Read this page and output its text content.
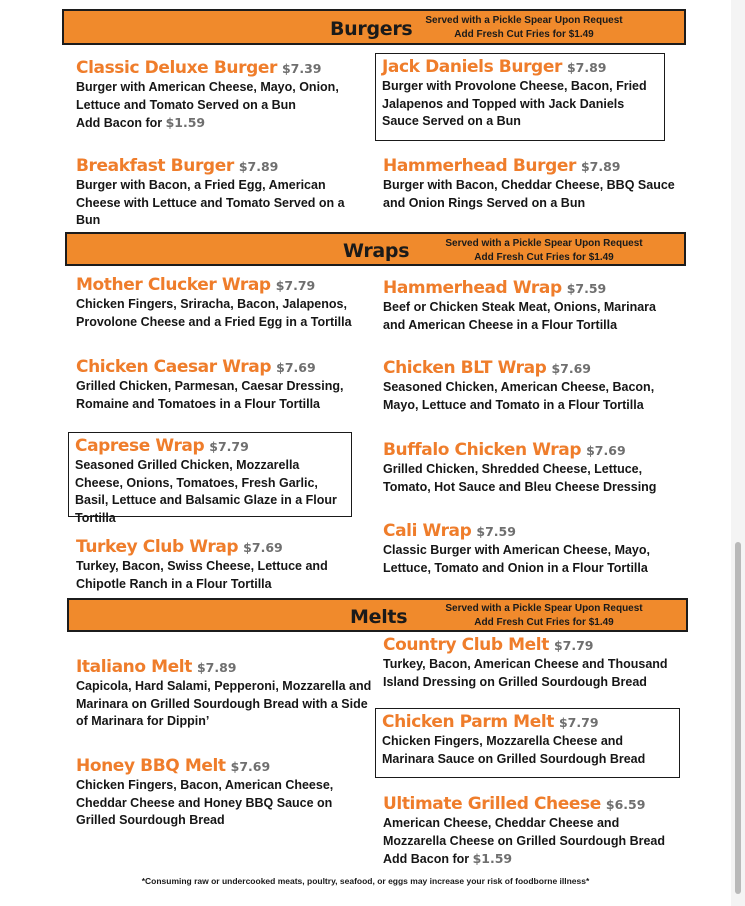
Burgers	Served with a Pickle Spear Upon Request
Add Fresh Cut Fries for $1.49
Classic Deluxe Burger $7.39
Burger with American Cheese, Mayo, Onion, Lettuce and Tomato Served on a Bun
Add Bacon for $1.59
Jack Daniels Burger $7.89
Burger with Provolone Cheese, Bacon, Fried Jalapenos and Topped with Jack Daniels Sauce Served on a Bun
Breakfast Burger $7.89
Burger with Bacon, a Fried Egg, American Cheese with Lettuce and Tomato Served on a Bun
Hammerhead Burger $7.89
Burger with Bacon, Cheddar Cheese, BBQ Sauce and Onion Rings Served on a Bun
Wraps	Served with a Pickle Spear Upon Request
Add Fresh Cut Fries for $1.49
Mother Clucker Wrap $7.79
Chicken Fingers, Sriracha, Bacon, Jalapenos, Provolone Cheese and a Fried Egg in a Tortilla
Hammerhead Wrap $7.59
Beef or Chicken Steak Meat, Onions, Marinara and American Cheese in a Flour Tortilla
Chicken Caesar Wrap $7.69
Grilled Chicken, Parmesan, Caesar Dressing, Romaine and Tomatoes in a Flour Tortilla
Chicken BLT Wrap $7.69
Seasoned Chicken, American Cheese, Bacon, Mayo, Lettuce and Tomato in a Flour Tortilla
Caprese Wrap $7.79
Seasoned Grilled Chicken, Mozzarella Cheese, Onions, Tomatoes, Fresh Garlic, Basil, Lettuce and Balsamic Glaze in a Flour Tortilla
Buffalo Chicken Wrap $7.69
Grilled Chicken, Shredded Cheese, Lettuce, Tomato, Hot Sauce and Bleu Cheese Dressing
Cali Wrap $7.59
Classic Burger with American Cheese, Mayo, Lettuce, Tomato and Onion in a Flour Tortilla
Turkey Club Wrap $7.69
Turkey, Bacon, Swiss Cheese, Lettuce and Chipotle Ranch in a Flour Tortilla
Melts	Served with a Pickle Spear Upon Request
Add Fresh Cut Fries for $1.49
Country Club Melt $7.79
Turkey, Bacon, American Cheese and Thousand Island Dressing on Grilled Sourdough Bread
Italiano Melt $7.89
Capicola, Hard Salami, Pepperoni, Mozzarella and Marinara on Grilled Sourdough Bread with a Side of Marinara for Dippin’	Chicken Parm Melt $7.79
Chicken Fingers, Mozzarella Cheese and Marinara Sauce on Grilled Sourdough Bread
Honey BBQ Melt $7.69
Chicken Fingers, Bacon, American Cheese, Cheddar Cheese and Honey BBQ Sauce on Grilled Sourdough Bread
Ultimate Grilled Cheese $6.59
American Cheese, Cheddar Cheese and Mozzarella Cheese on Grilled Sourdough Bread
Add Bacon for $1.59
*Consuming raw or undercooked meats, poultry, seafood, or eggs may increase your risk of foodborne illness*
